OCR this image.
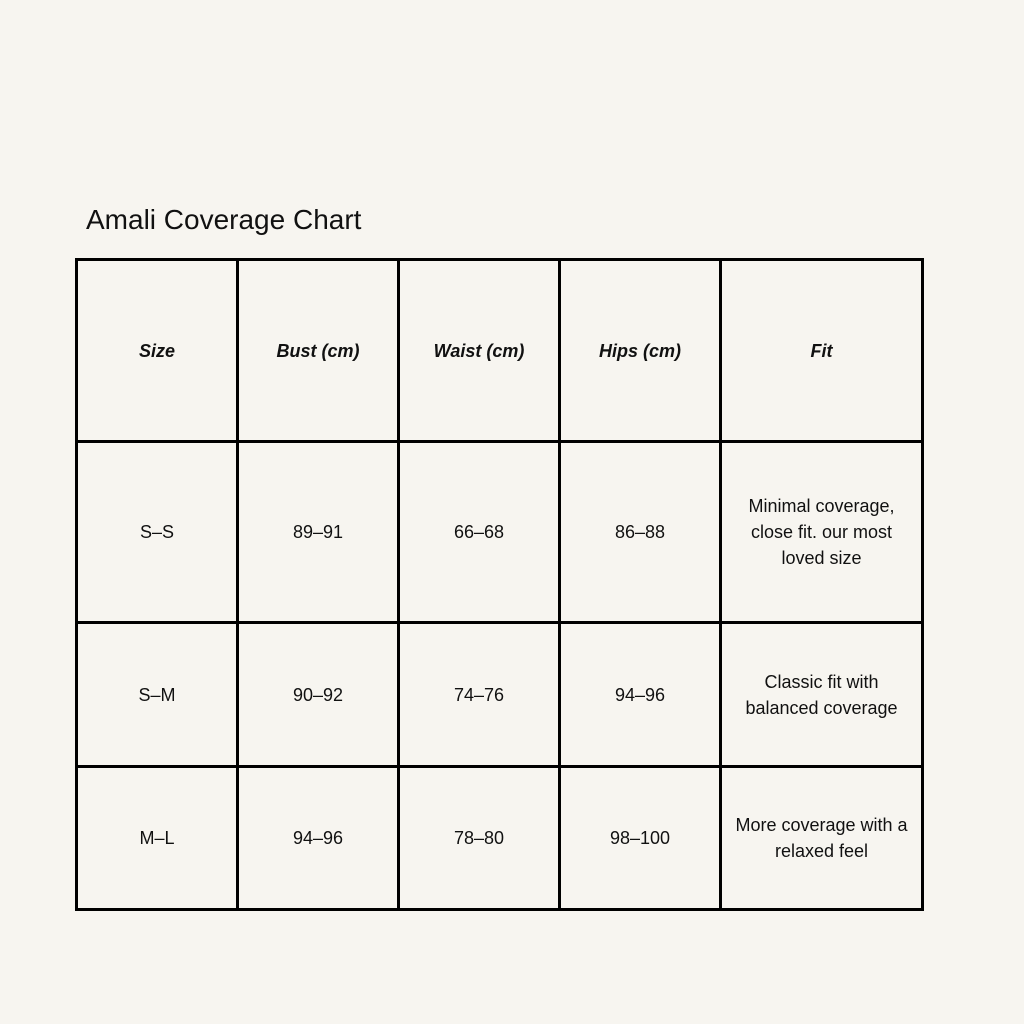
Amali Coverage Chart
Size	Bust (cm)	Waist (cm)	Hips (cm)	Fit
S–S	89–91	66–68	86–88	Minimal coverage, close fit. our most loved size
S–M	90–92	74–76	94–96	Classic fit with balanced coverage
M–L	94–96	78–80	98–100	More coverage with a relaxed feel
